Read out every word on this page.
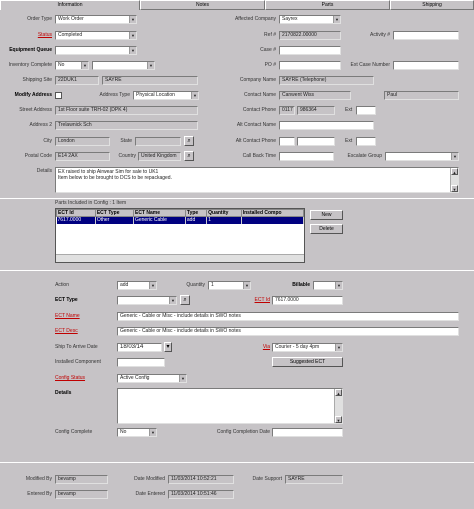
Information	Notes	Parts	Shipping
Order Type	Work Order	▼
Status	Completed	▼
Equipment Queue	▼
Inventory Complete	No	▼	▼
Shipping Site	22DUK1	SAYRE
Modify Address	Address Type	Physical Location	▼
Street Address	1st Floor suite TRH-02 (DPK 4)
Address 2	Trelawnick Sch
City	London	State	⌕
Postal Code	E14 2AX	Country	United Kingdom	⌕
Affected Company	Sayrex	▼
Ref #	2170822.00000	Activity #
Case #
PO #	Ext Case Number
Company Name	SAYRE (Telephone)
Contact Name	Canwent Wiss	Paul
Contact Phone	0117	986364	Ext
Alt Contact Name
Alt Contact Phone	Ext
Call Back Time	Escalate Group	▼
Details	EX raised to ship Airwear Sim for sale to UK1
Item below to be brought to DCS to be repackaged.
▲
▼
Parts Included in Config : 1 Item
ECT Id	ECT Type	ECT Name	Type	Quantity	Installed Compo
7617.0000	Other	Generic Cable	add	1	
New
Delete
Action	add	▼	Quantity	1	▼	Billable	▼
ECT Type	▼	⌕	ECT Id	7617.0000
ECT Name	Generic - Cable or Misc - include details in SWO notes
ECT Desc	Generic - Cable or Misc - include details in SWO notes
Ship To Arrive Date	18/03/14	▾	Via	Courier - 5 day 4pm	▼
Installed Component	Suggested ECT
Config Status	Active Config	▼
Details	▲
▼
Config Complete	No	▼	Config Completion Date
Modified By	bevamp	Date Modified	11/03/2014 10:52:21	Date Support	SAYRE
Entered By	bevamp	Date Entered	11/03/2014 10:51:46
